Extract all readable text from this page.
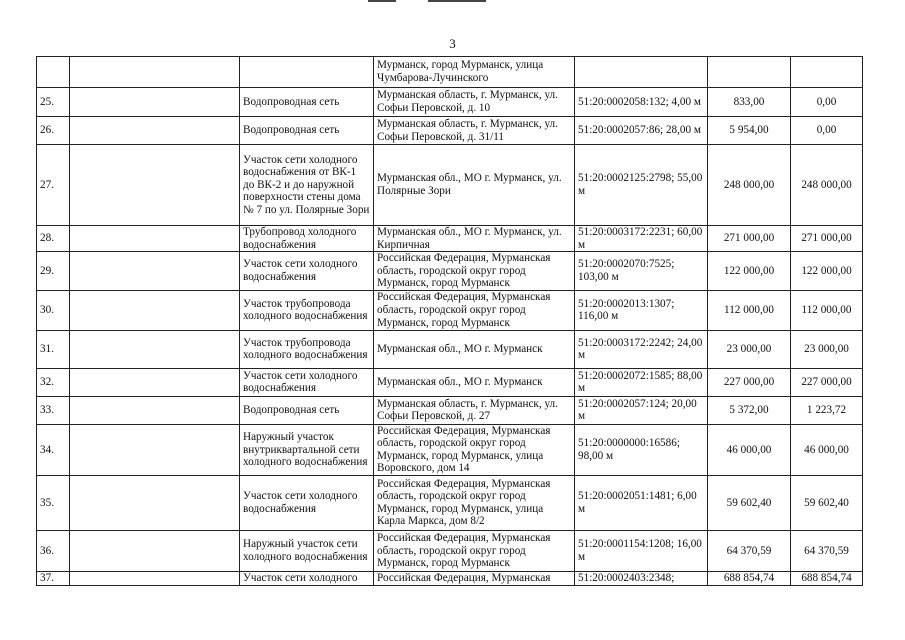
3
			Мурманск, город Мурманск, улица Чумбарова-Лучинского			
25.		Водопроводная сеть	Мурманская область, г. Мурманск, ул. Софьи Перовской, д. 10	51:20:0002058:132; 4,00 м	833,00	0,00
26.		Водопроводная сеть	Мурманская область, г. Мурманск, ул. Софьи Перовской, д. 31/11	51:20:0002057:86; 28,00 м	5 954,00	0,00
27.		Участок сети холодного водоснабжения от ВК-1 до ВК-2 и до наружной поверхности стены дома № 7 по ул. Полярные Зори	Мурманская обл., МО г. Мурманск, ул. Полярные Зори	51:20:0002125:2798; 55,00 м	248 000,00	248 000,00
28.		Трубопровод холодного водоснабжения	Мурманская обл., МО г. Мурманск, ул. Кирпичная	51:20:0003172:2231; 60,00 м	271 000,00	271 000,00
29.		Участок сети холодного водоснабжения	Российская Федерация, Мурманская область, городской округ город Мурманск, город Мурманск	51:20:0002070:7525; 103,00 м	122 000,00	122 000,00
30.		Участок трубопровода холодного водоснабжения	Российская Федерация, Мурманская область, городской округ город Мурманск, город Мурманск	51:20:0002013:1307; 116,00 м	112 000,00	112 000,00
31.		Участок трубопровода холодного водоснабжения	Мурманская обл., МО г. Мурманск	51:20:0003172:2242; 24,00 м	23 000,00	23 000,00
32.		Участок сети холодного водоснабжения	Мурманская обл., МО г. Мурманск	51:20:0002072:1585; 88,00 м	227 000,00	227 000,00
33.		Водопроводная сеть	Мурманская область, г. Мурманск, ул. Софьи Перовской, д. 27	51:20:0002057:124; 20,00 м	5 372,00	1 223,72
34.		Наружный участок внутриквартальной сети холодного водоснабжения	Российская Федерация, Мурманская область, городской округ город Мурманск, город Мурманск, улица Воровского, дом 14	51:20:0000000:16586; 98,00 м	46 000,00	46 000,00
35.		Участок сети холодного водоснабжения	Российская Федерация, Мурманская область, городской округ город Мурманск, город Мурманск, улица Карла Маркса, дом 8/2	51:20:0002051:1481; 6,00 м	59 602,40	59 602,40
36.		Наружный участок сети холодного водоснабжения	Российская Федерация, Мурманская область, городской округ город Мурманск, город Мурманск	51:20:0001154:1208; 16,00 м	64 370,59	64 370,59
37.		Участок сети холодного	Российская Федерация, Мурманская	51:20:0002403:2348;	688 854,74	688 854,74
